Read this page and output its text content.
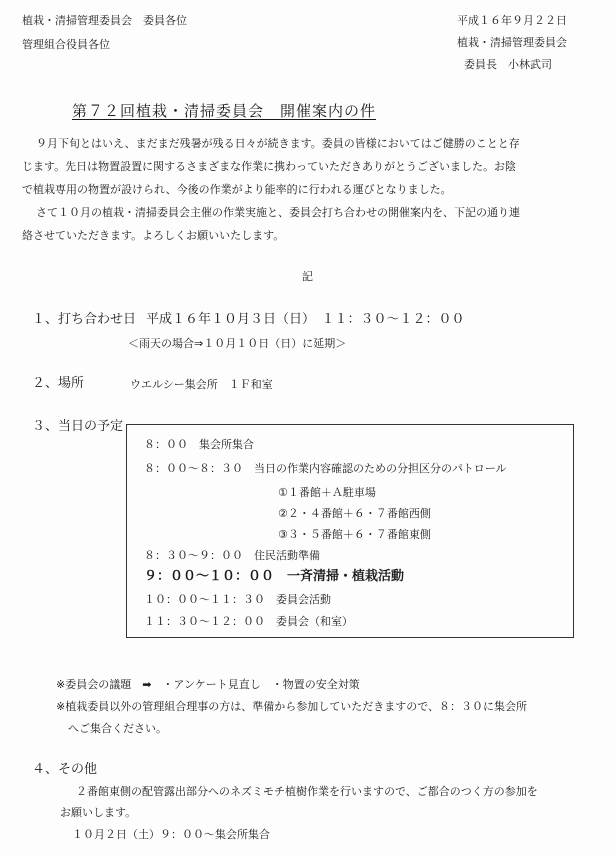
植栽・清掃管理委員会　委員各位
管理組合役員各位
平成１６年９月２２日
植栽・清掃管理委員会
委員長　小林武司
第７２回植栽・清掃委員会　開催案内の件
９月下旬とはいえ、まだまだ残暑が残る日々が続きます。委員の皆様においてはご健勝のことと存
じます。先日は物置設置に関するさまざまな作業に携わっていただきありがとうございました。お陰
で植栽専用の物置が設けられ、今後の作業がより能率的に行われる運びとなりました。
さて１０月の植栽・清掃委員会主催の作業実施と、委員会打ち合わせの開催案内を、下記の通り連
絡させていただきます。よろしくお願いいたします。
記
１、打ち合わせ日 平成１６年１０月３日（日）　１１：３０～１２：００
＜雨天の場合⇒１０月１０日（日）に延期＞
２、場所	ウエルシー集会所　１Ｆ和室
３、当日の予定
８：００　集会所集合
８：００～８：３０　当日の作業内容確認のための分担区分のパトロール
①１番館＋Ａ駐車場
②２・４番館＋６・７番館西側
③３・５番館＋６・７番館東側
８：３０～９：００　住民活動準備
９：００～１０：００　一斉清掃・植栽活動
１０：００～１１：３０　委員会活動
１１：３０～１２：００　委員会（和室）
※委員会の議題　➡　・アンケート見直し　・物置の安全対策
※植栽委員以外の管理組合理事の方は、準備から参加していただきますので、８：３０に集会所
へご集合ください。
４、その他
２番館東側の配管露出部分へのネズミモチ植樹作業を行いますので、ご都合のつく方の参加を
お願いします。
１０月２日（土）９：００～集会所集合
